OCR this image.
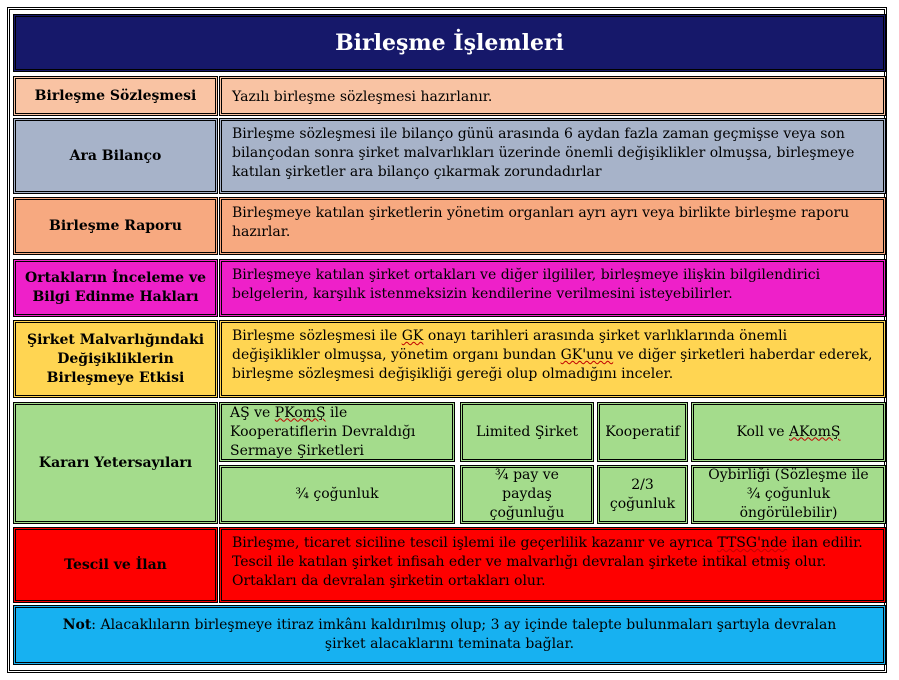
Birleşme İşlemleri
Birleşme Sözleşmesi	Yazılı birleşme sözleşmesi hazırlanır.
Ara Bilanço
Birleşme sözleşmesi ile bilanço günü arasında 6 aydan fazla zaman geçmişse veya son bilançodan sonra şirket malvarlıkları üzerinde önemli değişiklikler olmuşsa, birleşmeye katılan şirketler ara bilanço çıkarmak zorundadırlar
Birleşme Raporu
Birleşmeye katılan şirketlerin yönetim organları ayrı ayrı veya birlikte birleşme raporu hazırlar.
Ortakların İnceleme ve Bilgi Edinme Hakları
Birleşmeye katılan şirket ortakları ve diğer ilgililer, birleşmeye ilişkin bilgilendirici belgelerin, karşılık istenmeksizin kendilerine verilmesini isteyebilirler.
Şirket Malvarlığındaki Değişikliklerin Birleşmeye Etkisi
Birleşme sözleşmesi ile GK onayı tarihleri arasında şirket varlıklarında önemli değişiklikler olmuşsa, yönetim organı bundan GK'unu ve diğer şirketleri haberdar ederek, birleşme sözleşmesi değişikliği gereği olup olmadığını inceler.
Kararı Yetersayıları
AŞ ve PKomŞ ile Kooperatiflerin Devraldığı Sermaye Şirketleri
Limited Şirket Kooperatif	Koll ve AKomŞ
¾ çoğunluk
¾ pay ve paydaş çoğunluğu
2/3 çoğunluk
Oybirliği (Sözleşme ile ¾ çoğunluk öngörülebilir)
Tescil ve İlan
Birleşme, ticaret siciline tescil işlemi ile geçerlilik kazanır ve ayrıca TTSG'nde ilan edilir. Tescil ile katılan şirket infisah eder ve malvarlığı devralan şirkete intikal etmiş olur. Ortakları da devralan şirketin ortakları olur.
Not: Alacaklıların birleşmeye itiraz imkânı kaldırılmış olup; 3 ay içinde talepte bulunmaları şartıyla devralan şirket alacaklarını teminata bağlar.
